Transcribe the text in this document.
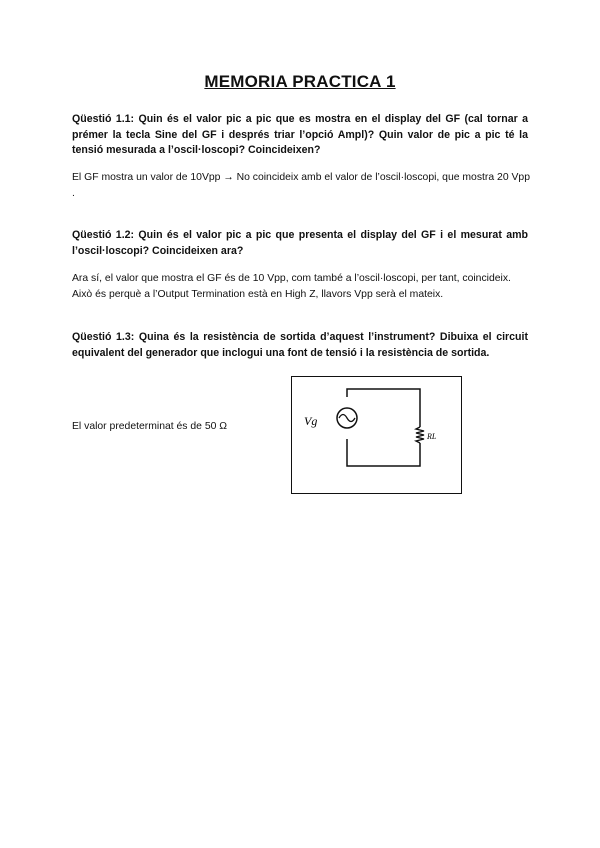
MEMORIA PRACTICA 1

Qüestió 1.1: Quin és el valor pic a pic que es mostra en el display del GF (cal tornar a prémer la tecla Sine del GF i després triar l’opció Ampl)? Quin valor de pic a pic té la tensió mesurada a l’oscil·loscopi? Coincideixen?

El GF mostra un valor de 10Vpp → No coincideix amb el valor de l’oscil·loscopi, que mostra 20 Vpp .

Qüestió 1.2: Quin és el valor pic a pic que presenta el display del GF i el mesurat amb l’oscil·loscopi? Coincideixen ara?

Ara sí, el valor que mostra el GF és de 10 Vpp, com també a l’oscil·loscopi, per tant, coincideix. Això és perquè a l’Output Termination està en High Z, llavors Vpp serà el mateix.

Qüestió 1.3: Quina és la resistència de sortida d’aquest l’instrument? Dibuixa el circuit equivalent del generador que inclogui una font de tensió i la resistència de sortida.

El valor predeterminat és de 50 Ω	Vg
RL
